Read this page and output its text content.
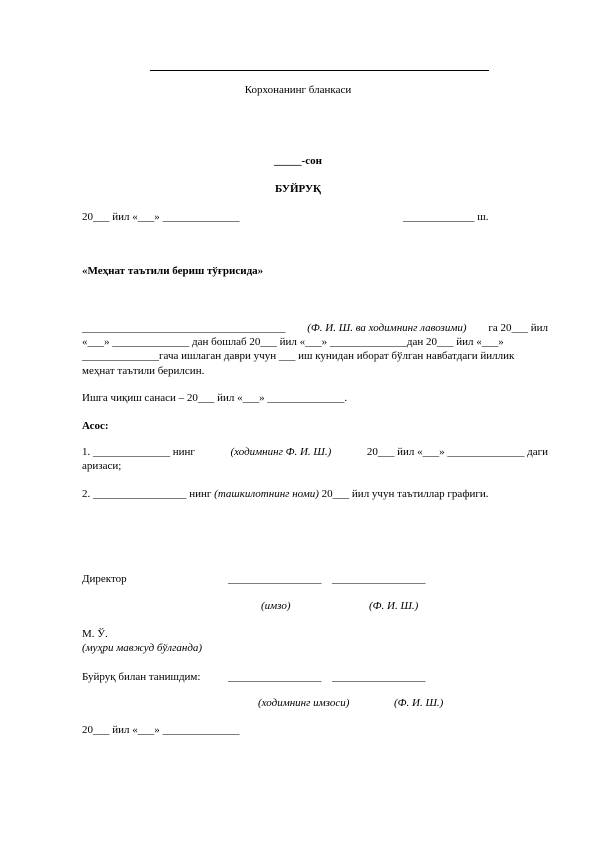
Корхонанинг бланкаси
_____-сон
БУЙРУҚ
20___ йил «___» ______________	_____________ ш.
«Меҳнат таътили бериш тўғрисида»
_____________________________________ (Ф. И. Ш. ва ходимнинг лавозими) га 20___ йил
«___» ______________ дан бошлаб 20___ йил «___» ______________дан 20___ йил «___»
______________гача ишлаган даври учун ___ иш кунидан иборат бўлган навбатдаги йиллик
меҳнат таътили берилсин.
Ишга чиқиш санаси – 20___ йил «___» ______________.
Асос:
1. ______________ нинг	(ходимнинг Ф. И. Ш.)	20___ йил «___» ______________ даги
аризаси;
2. _________________ нинг (ташкилотнинг номи) 20___ йил учун таътиллар графиги.
Директор	_________________ _________________
(имзо)	(Ф. И. Ш.)
М. Ў.
(муҳри мавжуд бўлганда)
Буйруқ билан танишдим:	_________________ _________________
(ходимнинг имзоси)	(Ф. И. Ш.)
20___ йил «___» ______________
